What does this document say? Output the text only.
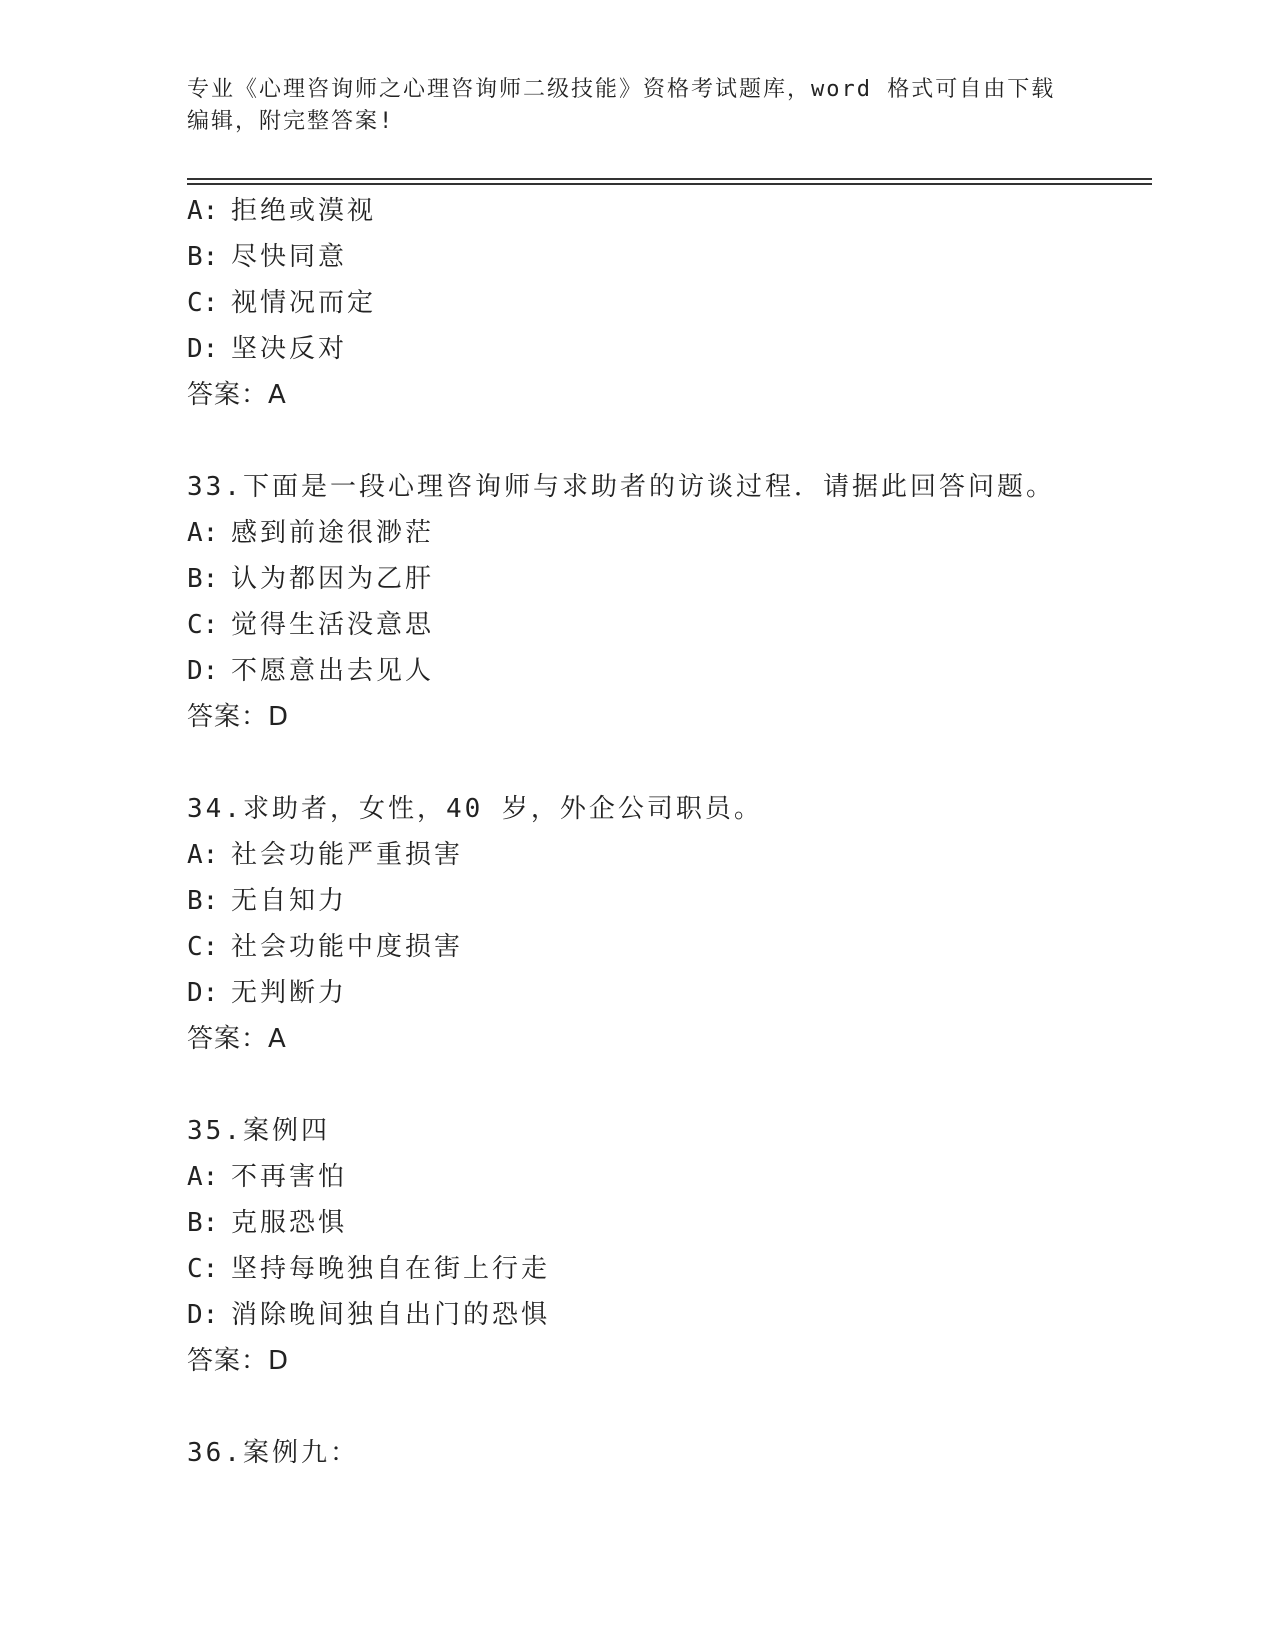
专业《心理咨询师之心理咨询师二级技能》资格考试题库，word 格式可自由下载
编辑，附完整答案!
A: 拒绝或漠视
B: 尽快同意
C: 视情况而定
D: 坚决反对
答案：A
33.下面是一段心理咨询师与求助者的访谈过程．请据此回答问题。
A: 感到前途很渺茫
B: 认为都因为乙肝
C: 觉得生活没意思
D: 不愿意出去见人
答案：D
34.求助者，女性，40 岁，外企公司职员。
A: 社会功能严重损害
B: 无自知力
C: 社会功能中度损害
D: 无判断力
答案：A
35.案例四
A: 不再害怕
B: 克服恐惧
C: 坚持每晚独自在街上行走
D: 消除晚间独自出门的恐惧
答案：D
36.案例九：
